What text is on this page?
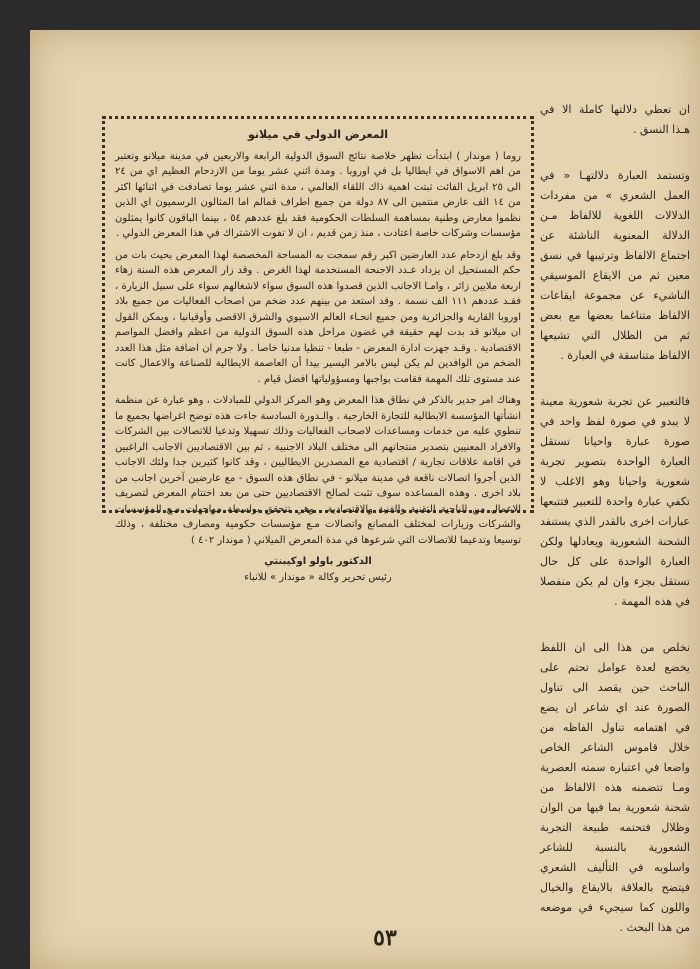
ان تعطي دلالتها كاملة الا في هـذا النسق .

وتستمد العبارة دلالتهـا « في العمل الشعري » من مفردات الدلالات اللغوية للالفاظ مـن الدلالة المعنوية الناشئة عن اجتماع الالفاظ وترتيبها في نسق معين ثم من الايقاع الموسيقي الناشيء عن مجموعة ايقاعات الالفاظ متناغما بعضها مع بعض ثم من الظلال التي تشيعها الالفاظ متناسقة في العبارة .

فالتعبير عن تجربة شعورية معينة لا يبدو في صورة لفظ واحد في صورة عبارة واحيانا تستقل العبارة الواحدة بتصوير تجربة شعورية واحيانا وهو الاغلب لا تكفي عبارة واحدة للتعبير فتتبعها عبارات اخرى بالقدر الذي يستنفد الشحنة الشعورية ويعادلها ولكن العبارة الواحدة على كل حال تستقل بجزء وان لم يكن منفصلا في هذه المهمة .

نخلص من هذا الى ان اللفظ يخضع لعدة عوامل تحتم على الباحث حين يقصد الى تناول الصورة عند اي شاعر ان يضع في اهتمامه تناول الفاظه من خلال قاموس الشاعر الخاص واضعا في اعتباره سمته العصرية ومـا تتضمنه هذه الالفاظ من شحنة شعورية بما فيها من الوان وظلال فتحتمه طبيعة التجربة الشعورية بالنسبة للشاعر واسلوبه في التأليف الشعري فيتضح بالعلاقة بالايقاع والخيال واللون كما سيجيء في موضعه من هذا البحث .

المعرض الدولي في ميلانو

روما ( موندار ) ابتدأت تظهر خلاصة نتائج السوق الدولية الرابعة والاربعين في مدينة ميلانو وتعتبر من اهم الاسواق في ايطاليا بل في اوروبا . ومدة اثني عشر يوما من الازدحام العظيم اي من ٢٤ الى ٢٥ ابريل الفائت ثبتت اهمية ذاك اللقاء العالمي ، مدة اثني عشر يوما تصادفت في اثنائها اكثر من ١٤ الف عارض منتمين الى ٨٧ دولة من جميع اطراف قمالم اما المثالون الرسميون اي الذين نظموا معارض وطنية بمساهمة السلطات الحكومية فقد بلغ عددهم ٥٤ ، بينما الباقون كانوا يمثلون مؤسسات وشركات خاصة اعتادت ، منذ زمن قديم ، ان لا تفوت الاشتراك في هذا المعرض الدولي .

وقد بلغ ازدحام عدد العارضين اكبر رقم سمحت به المساحة المخصصة لهذا المعرض بحيث بات من حكم المستحيل ان يزداد عـدد الاجنحة المستخدمة لهذا الغرض . وقد زار المعرض هذه السنة زهاء اربعة ملايين زائر ، وامـا الاجانب الذين قصدوا هذه السوق سواء لاشغالهم سواء على سبيل الزيارة ، فقـد عددهم ١١١ الف نسمة . وقد استعد من بينهم عدد ضخم من اصحاب الفعاليات من جميع بلاد اوروبا القارية والجزائرية ومن جميع انحـاء العالم الاسيوي والشرق الاقصى وأوقيانيا ، ويمكن القول ان ميلانو قد بدت لهم حقيقة في غضون مراحل هذه السوق الدولية من اعظم وافضل المواصم الاقتصادية . وقـد جهزت ادارة المعرض - طبعا - تنظيا مدنيا خاصا . ولا جرم ان اضافة مثل هذا العدد الضخم من الوافدين لم يكن ليس بالامر اليسير بيدا أن العاصمة الايطالية للصناعة والاعمال كانت عند مستوى تلك المهمة فقامت بواجبها ومسؤولياتها افضل قيام .

وهناك امر جدير بالذكر في نطاق هذا المعرض وهو المركز الدولي للمبادلات ، وهو عبارة عن منظمة انشأتها المؤسسة الايطالية للتجارة الخارجية . والـدورة السادسة جاءت هذه توضح اغراضها بجميع ما تنطوي عليه من خدمات ومساعدات لاصحاب الفعاليات وذلك تسهيلا وتدعيا للاتصالات بين الشركات والافراد المعنيين بتصدير منتجاتهم الى مختلف البلاد الاجنبية ، ثم بين الاقتصاديين الاجانب الراغبين في اقامة علاقات تجارية / اقتصادية مع المصدرين الايطاليين ، وقد كانوا كثيرين جدا ولئك الاجانب الذين أجروا اتصالات ناقعة في مدينة ميلانو - في نطاق هذه السوق - مع عارضين آخرين اجانب من بلاد اخرى . وهذه المساعده سوف تثبت لصالح الاقتصاديين حتى من بعد اختتام المعرض لتصريف الاعمال من الناحية التقنية والفنية والاقتصادية . وهي تتحقق بواسطة مواجهات مـع المؤسسات والشركات وزيارات لمختلف المصانع واتصالات مـع مؤسسات حكومية ومصارف مختلفة ، وذلك توسيعا وتدعيما للاتصالات التي شرعوها في مدة المعرض الميلاني ( موندار ٤٠٢ )

الدكتور باولو اوكيبنتي
رئيس تحرير وكالة « موندار » للانباء
٥٣
